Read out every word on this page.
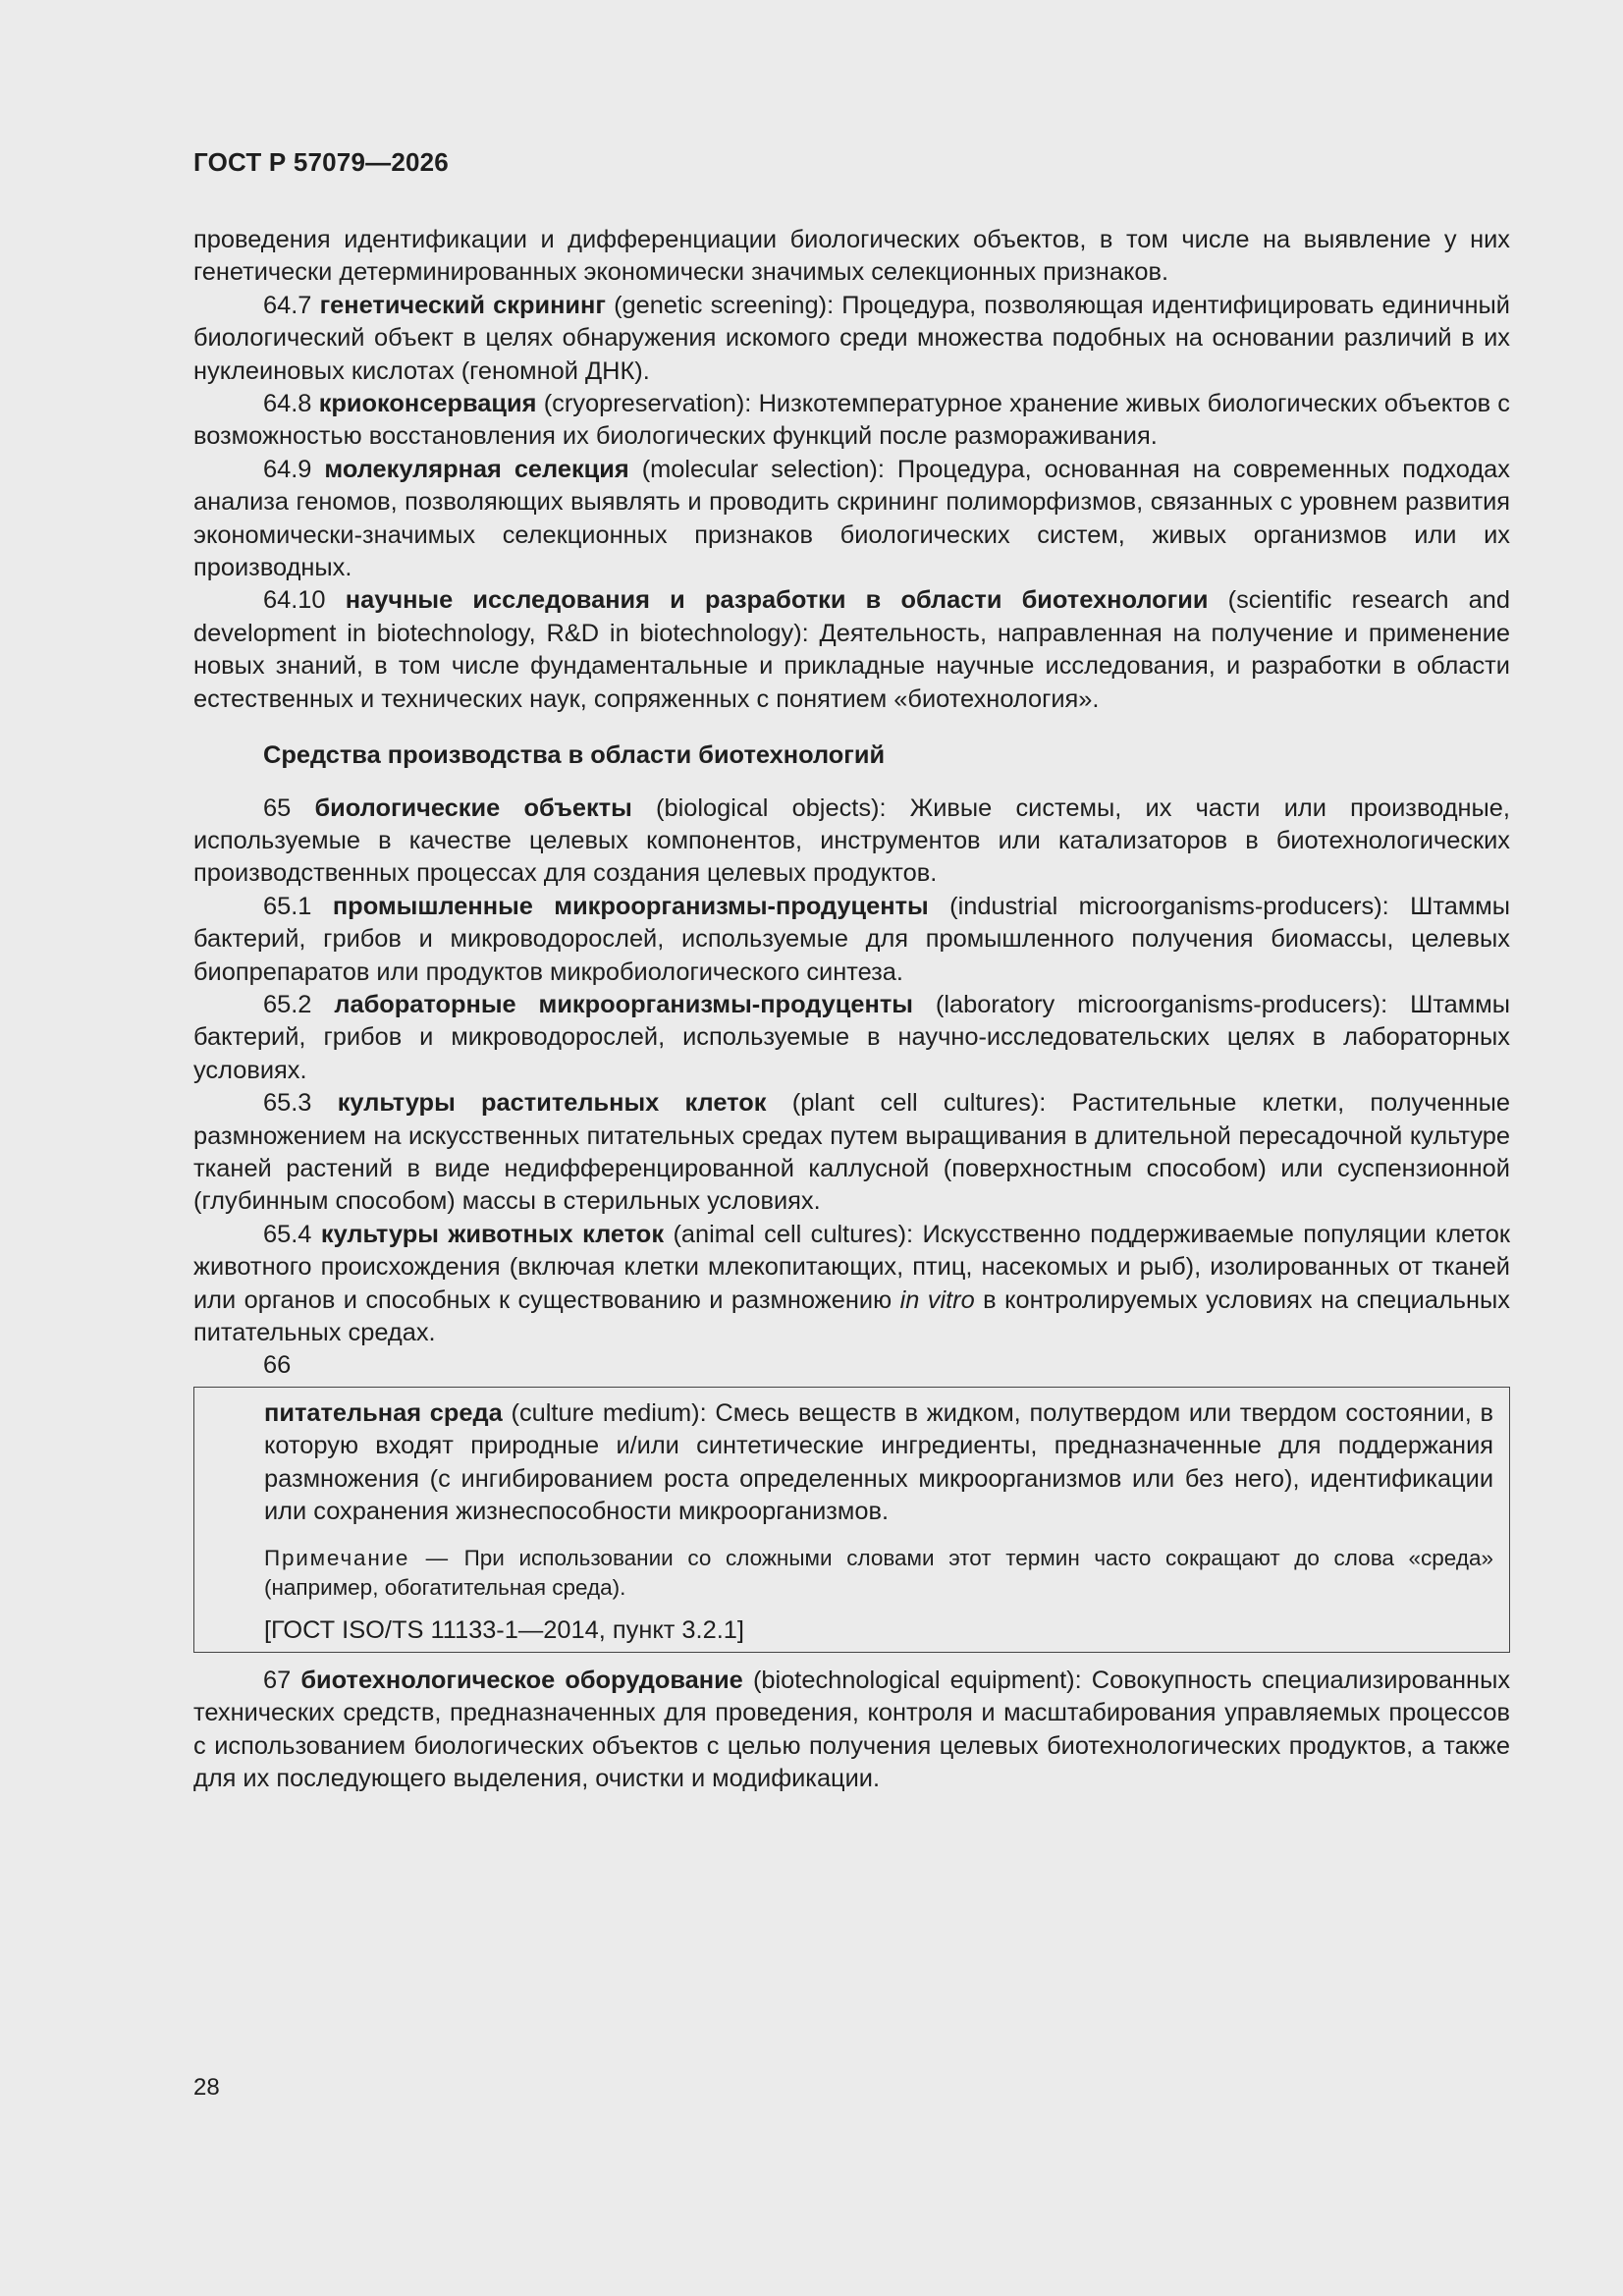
ГОСТ Р 57079—2026

проведения идентификации и дифференциации биологических объектов, в том числе на выявление у них генетически детерминированных экономически значимых селекционных признаков.

64.7 генетический скрининг (genetic screening): Процедура, позволяющая идентифицировать единичный биологический объект в целях обнаружения искомого среди множества подобных на основании различий в их нуклеиновых кислотах (геномной ДНК).

64.8 криоконсервация (cryopreservation): Низкотемпературное хранение живых биологических объектов с возможностью восстановления их биологических функций после размораживания.

64.9 молекулярная селекция (molecular selection): Процедура, основанная на современных подходах анализа геномов, позволяющих выявлять и проводить скрининг полиморфизмов, связанных с уровнем развития экономически-значимых селекционных признаков биологических систем, живых организмов или их производных.

64.10 научные исследования и разработки в области биотехнологии (scientific research and development in biotechnology, R&D in biotechnology): Деятельность, направленная на получение и применение новых знаний, в том числе фундаментальные и прикладные научные исследования, и разработки в области естественных и технических наук, сопряженных с понятием «биотехнология».

Средства производства в области биотехнологий

65 биологические объекты (biological objects): Живые системы, их части или производные, используемые в качестве целевых компонентов, инструментов или катализаторов в биотехнологических производственных процессах для создания целевых продуктов.

65.1 промышленные микроорганизмы-продуценты (industrial microorganisms-producers): Штаммы бактерий, грибов и микроводорослей, используемые для промышленного получения биомассы, целевых биопрепаратов или продуктов микробиологического синтеза.

65.2 лабораторные микроорганизмы-продуценты (laboratory microorganisms-producers): Штаммы бактерий, грибов и микроводорослей, используемые в научно-исследовательских целях в лабораторных условиях.

65.3 культуры растительных клеток (plant cell cultures): Растительные клетки, полученные размножением на искусственных питательных средах путем выращивания в длительной пересадочной культуре тканей растений в виде недифференцированной каллусной (поверхностным способом) или суспензионной (глубинным способом) массы в стерильных условиях.

65.4 культуры животных клеток (animal cell cultures): Искусственно поддерживаемые популяции клеток животного происхождения (включая клетки млекопитающих, птиц, насекомых и рыб), изолированных от тканей или органов и способных к существованию и размножению in vitro в контролируемых условиях на специальных питательных средах.

66

питательная среда (culture medium): Смесь веществ в жидком, полутвердом или твердом состоянии, в которую входят природные и/или синтетические ингредиенты, предназначенные для поддержания размножения (с ингибированием роста определенных микроорганизмов или без него), идентификации или сохранения жизнеспособности микроорганизмов.

Примечание — При использовании со сложными словами этот термин часто сокращают до слова «среда» (например, обогатительная среда).

[ГОСТ ISO/TS 11133-1—2014, пункт 3.2.1]

67 биотехнологическое оборудование (biotechnological equipment): Совокупность специализированных технических средств, предназначенных для проведения, контроля и масштабирования управляемых процессов с использованием биологических объектов с целью получения целевых биотехнологических продуктов, а также для их последующего выделения, очистки и модификации.

28
